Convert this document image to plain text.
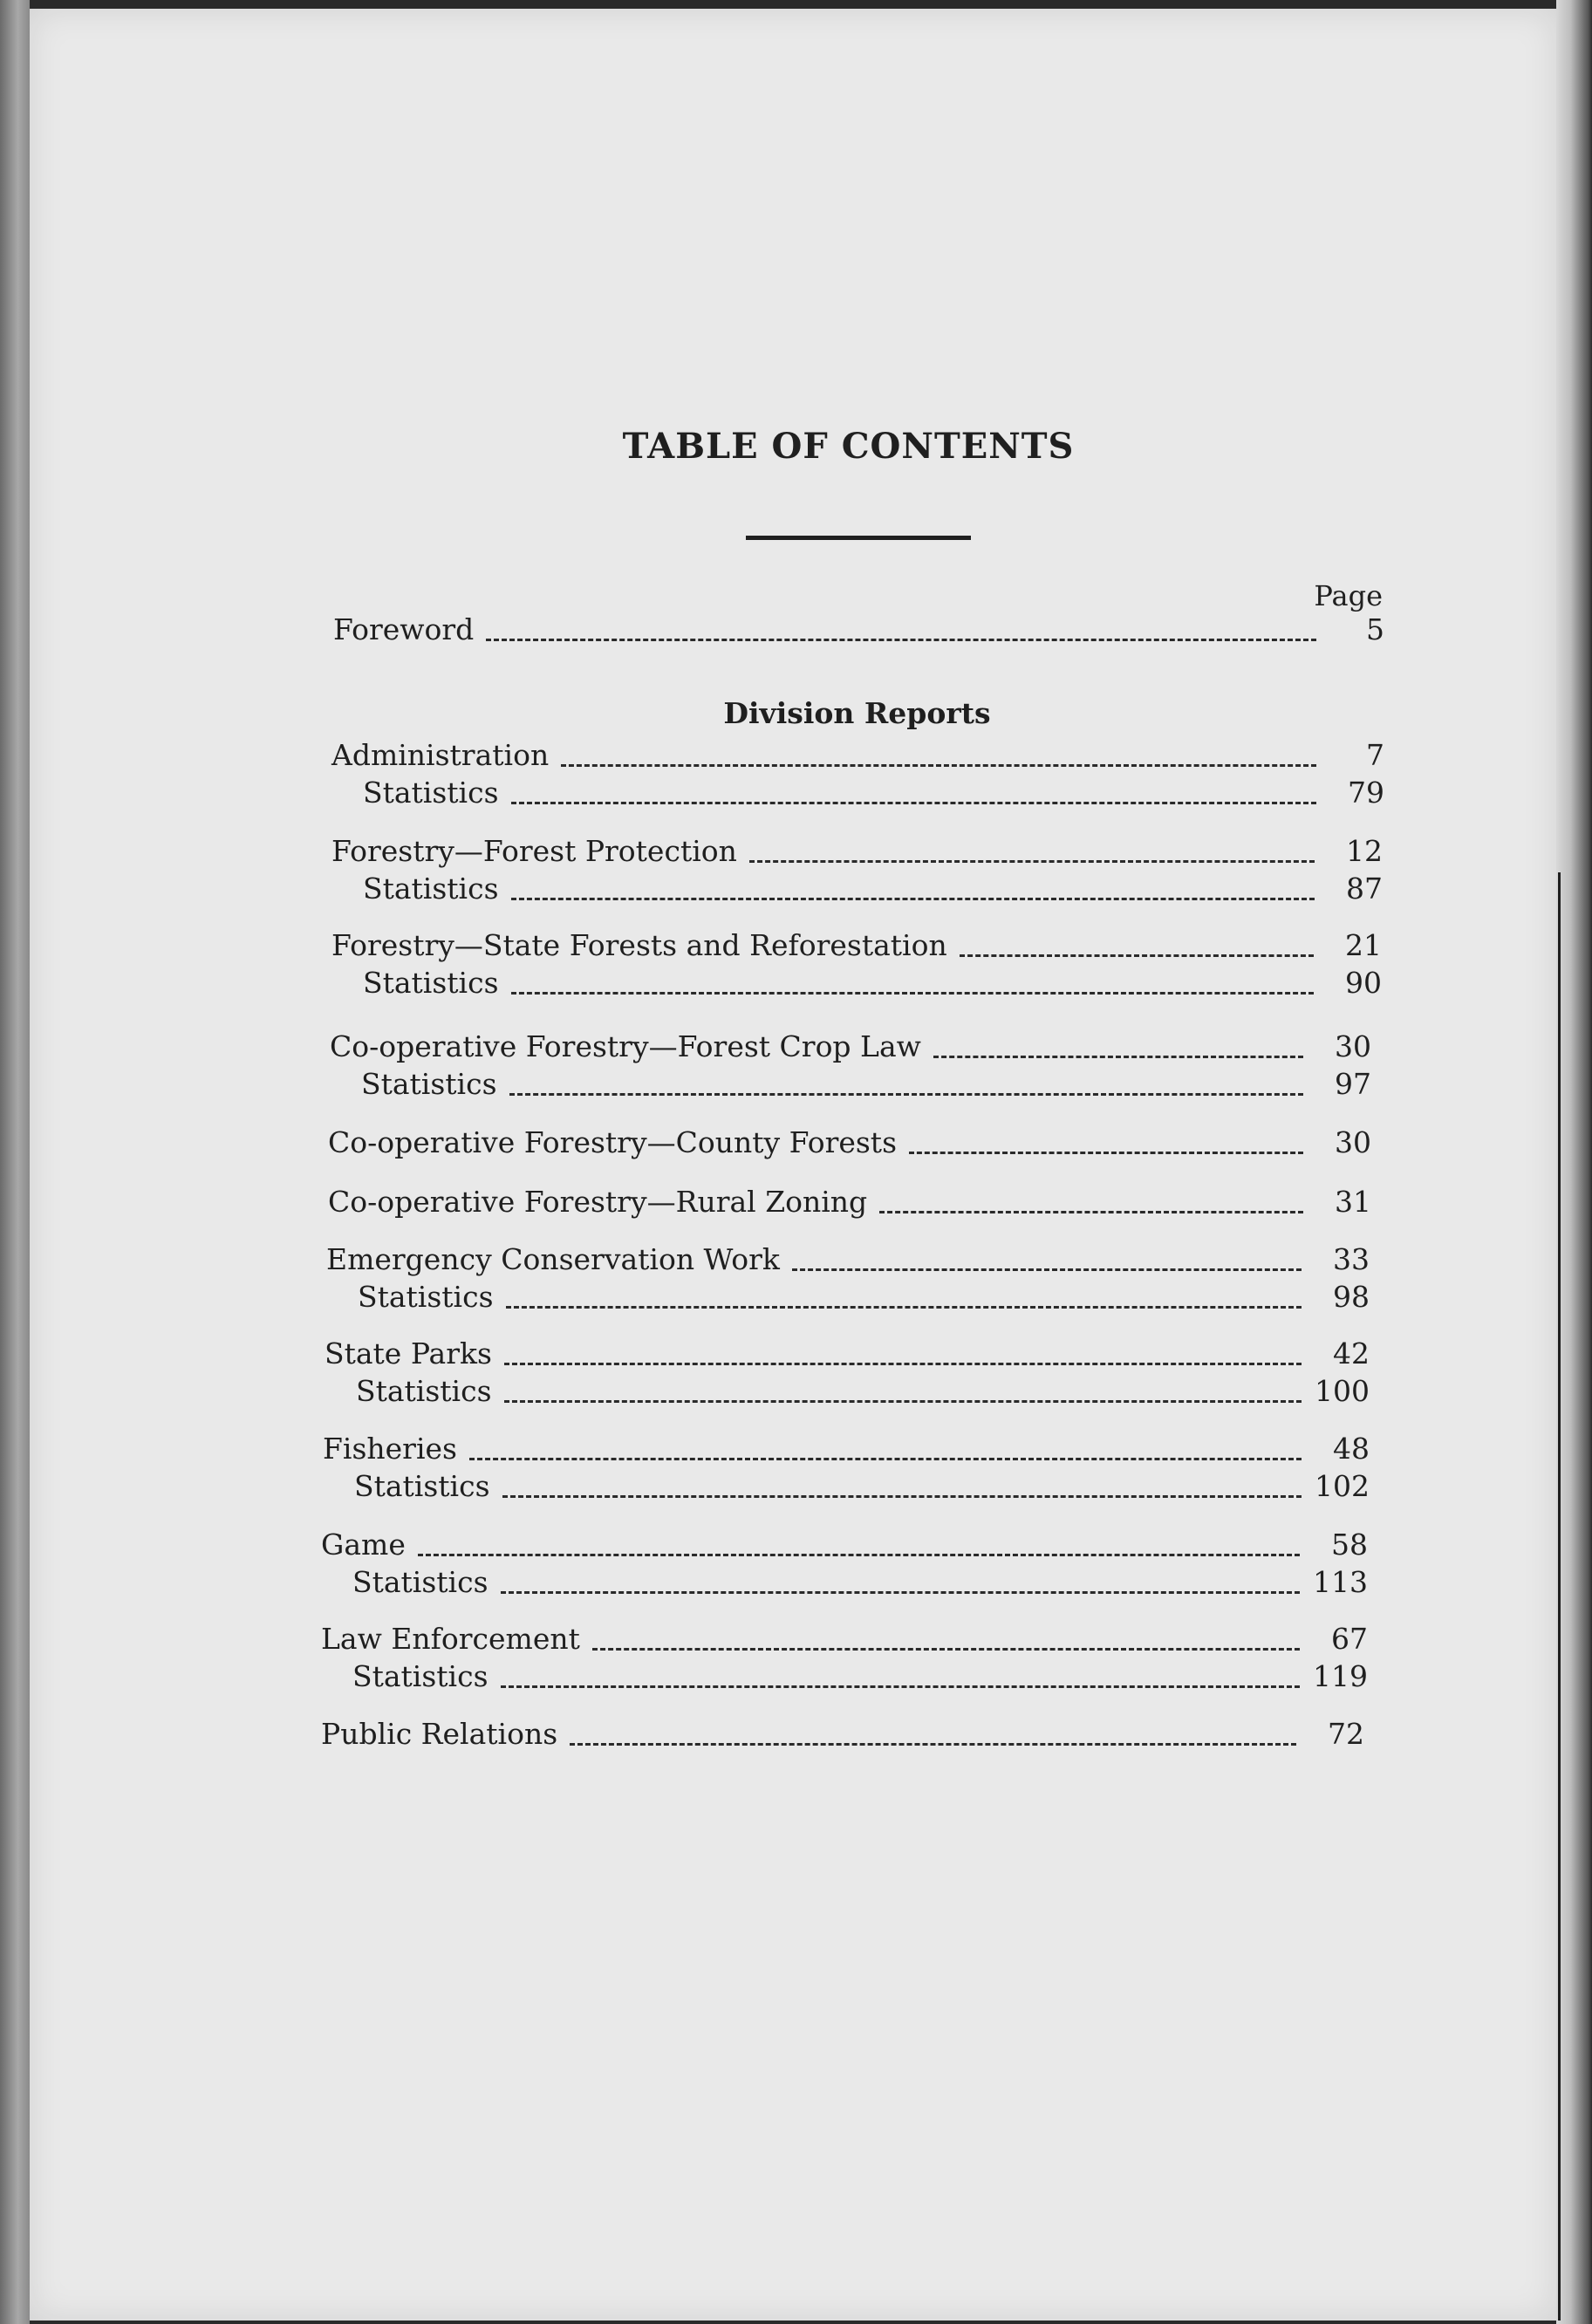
TABLE OF CONTENTS
Page
Foreword	5
Division Reports
Administration	7
Statistics	79
Forestry—Forest Protection	12
Statistics	87
Forestry—State Forests and Reforestation	21
Statistics	90
Co-operative Forestry—Forest Crop Law	30
Statistics	97
Co-operative Forestry—County Forests	30
Co-operative Forestry—Rural Zoning	31
Emergency Conservation Work	33
Statistics	98
State Parks	42
Statistics	100
Fisheries	48
Statistics	102
Game	58
Statistics	113
Law Enforcement	67
Statistics	119
Public Relations	72
